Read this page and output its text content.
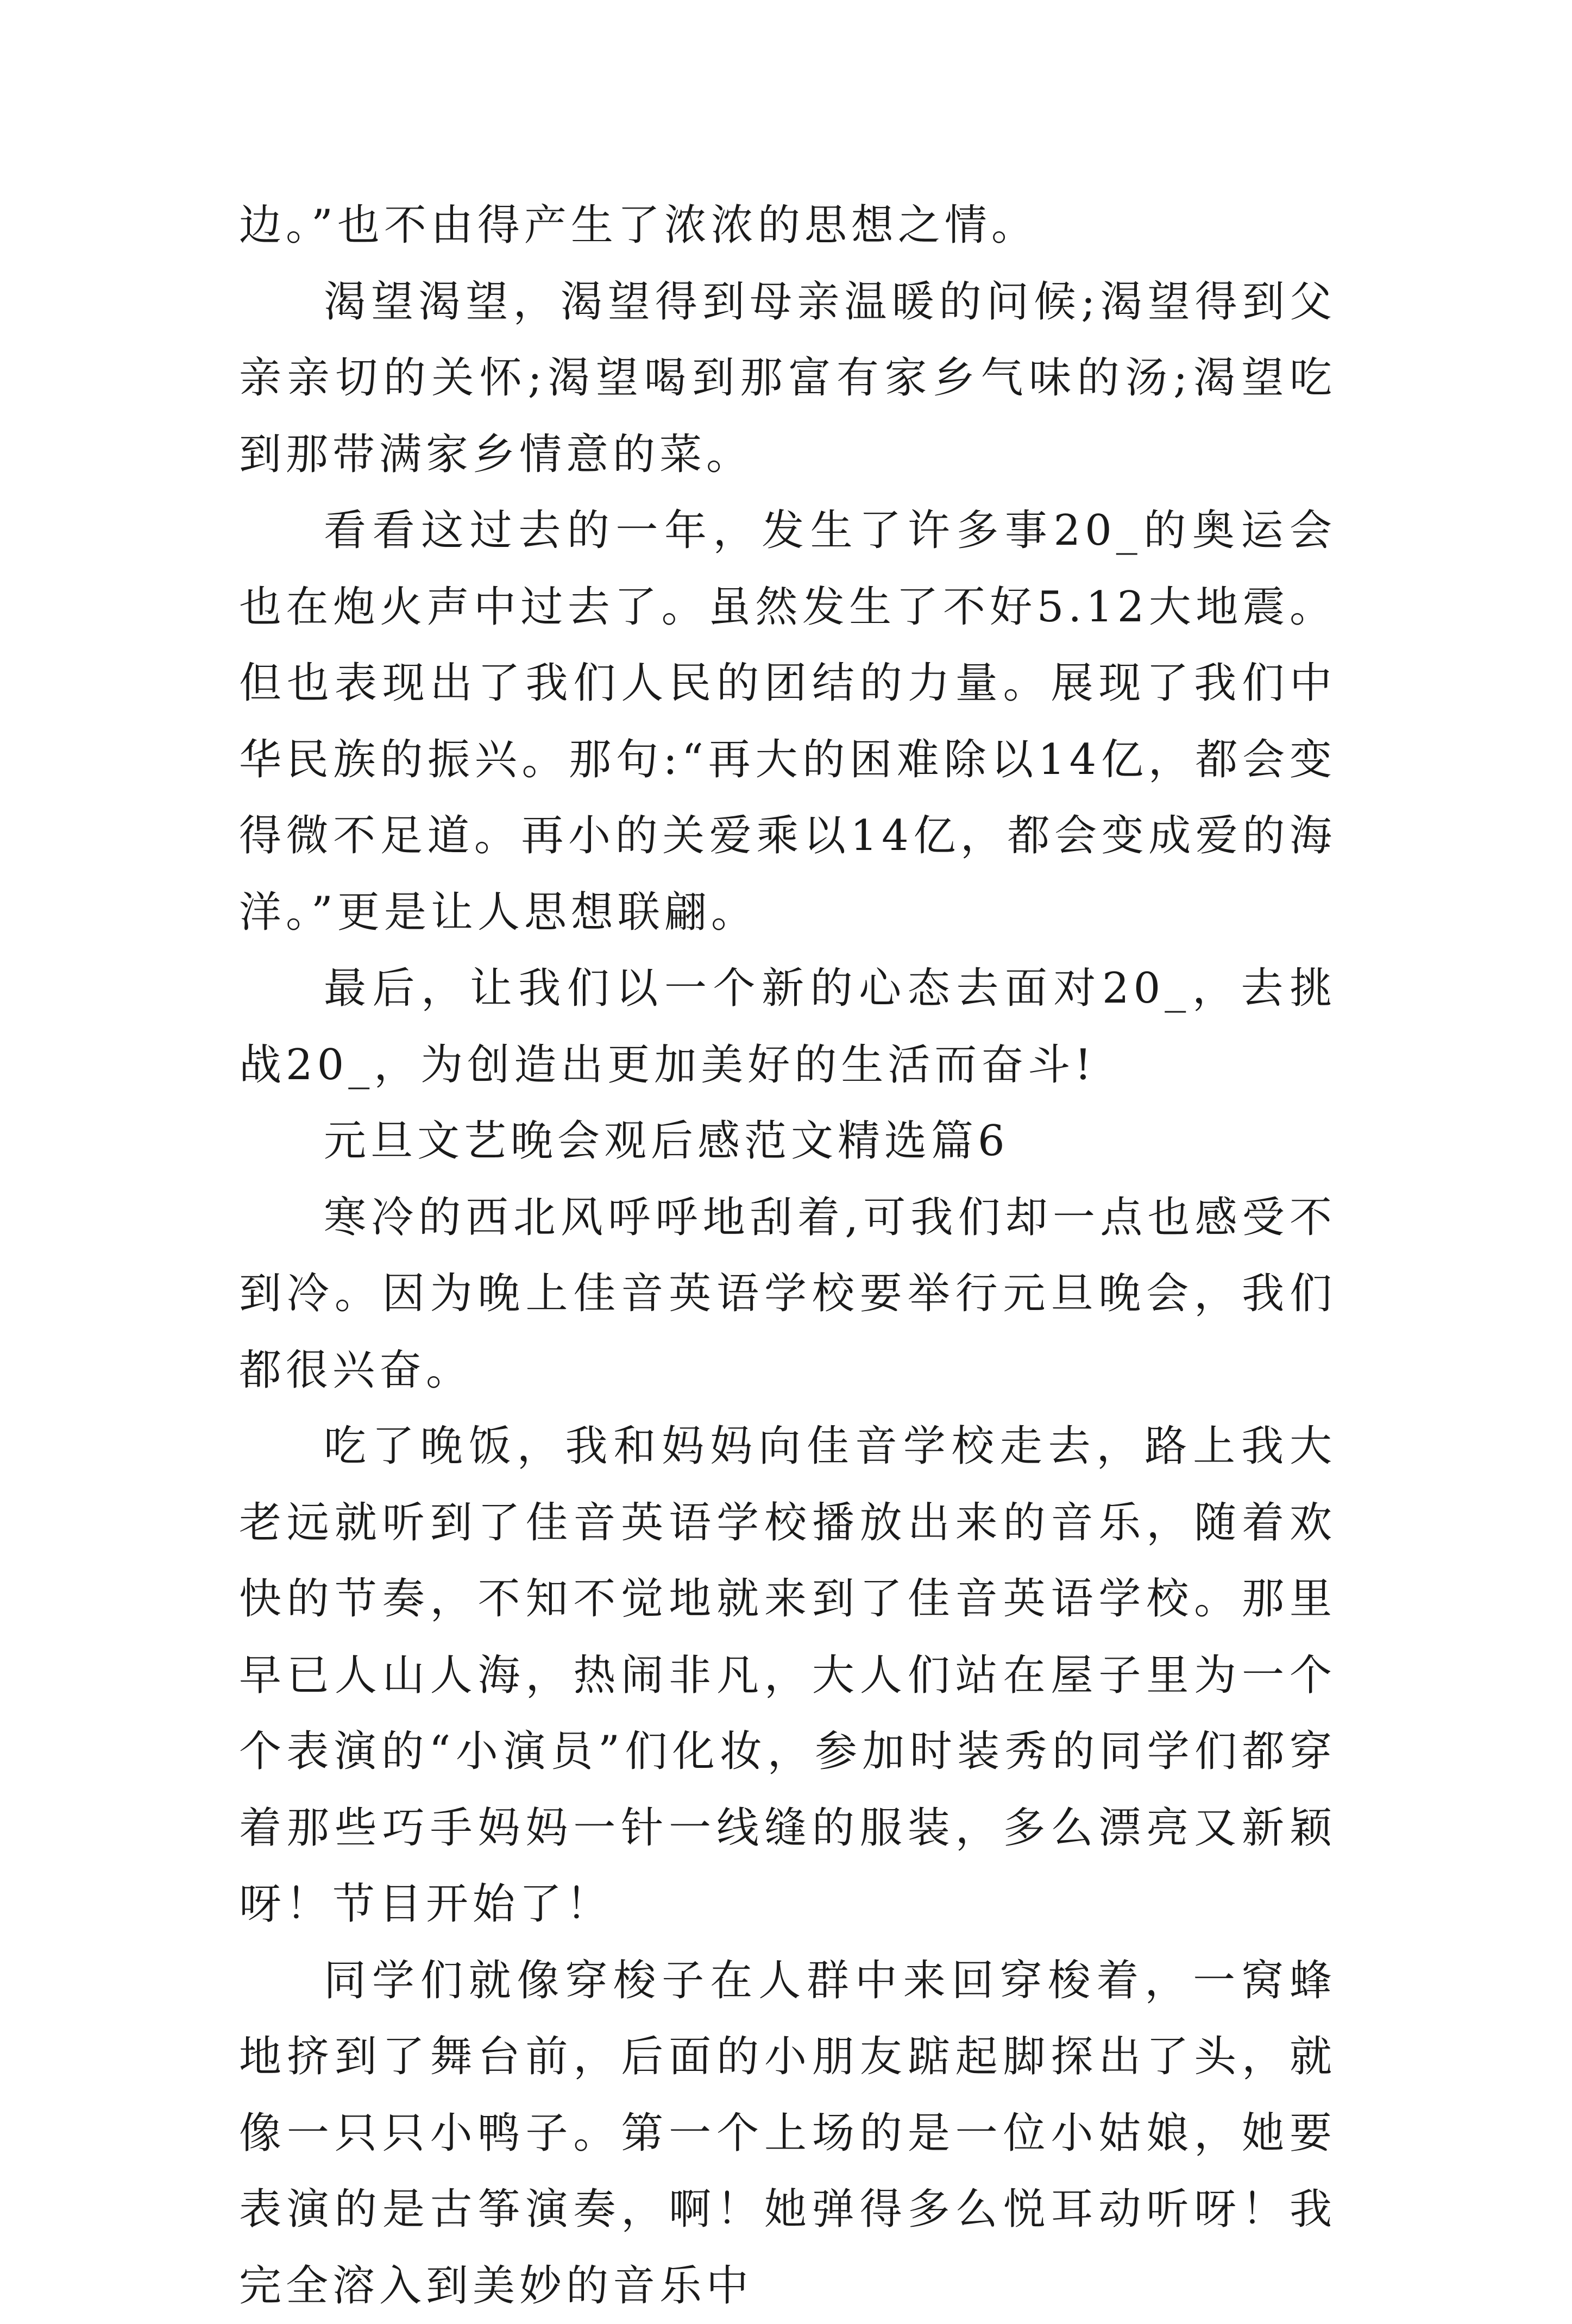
边。”也不由得产生了浓浓的思想之情。

渴望渴望，渴望得到母亲温暖的问候;渴望得到父亲亲切的关怀;渴望喝到那富有家乡气味的汤;渴望吃到那带满家乡情意的菜。

看看这过去的一年，发生了许多事20_的奥运会也在炮火声中过去了。虽然发生了不好5.12大地震。但也表现出了我们人民的团结的力量。展现了我们中华民族的振兴。那句:“再大的困难除以14亿，都会变得微不足道。再小的关爱乘以14亿，都会变成爱的海洋。”更是让人思想联翩。

最后，让我们以一个新的心态去面对20_，去挑战20_，为创造出更加美好的生活而奋斗!

元旦文艺晚会观后感范文精选篇6

寒冷的西北风呼呼地刮着,可我们却一点也感受不到冷。因为晚上佳音英语学校要举行元旦晚会，我们都很兴奋。

吃了晚饭，我和妈妈向佳音学校走去，路上我大老远就听到了佳音英语学校播放出来的音乐，随着欢快的节奏，不知不觉地就来到了佳音英语学校。那里早已人山人海，热闹非凡，大人们站在屋子里为一个个表演的“小演员”们化妆，参加时装秀的同学们都穿着那些巧手妈妈一针一线缝的服装，多么漂亮又新颖呀！节目开始了！

同学们就像穿梭子在人群中来回穿梭着，一窝蜂地挤到了舞台前，后面的小朋友踮起脚探出了头，就像一只只小鸭子。第一个上场的是一位小姑娘，她要表演的是古筝演奏，啊！她弹得多么悦耳动听呀！我完全溶入到美妙的音乐中
